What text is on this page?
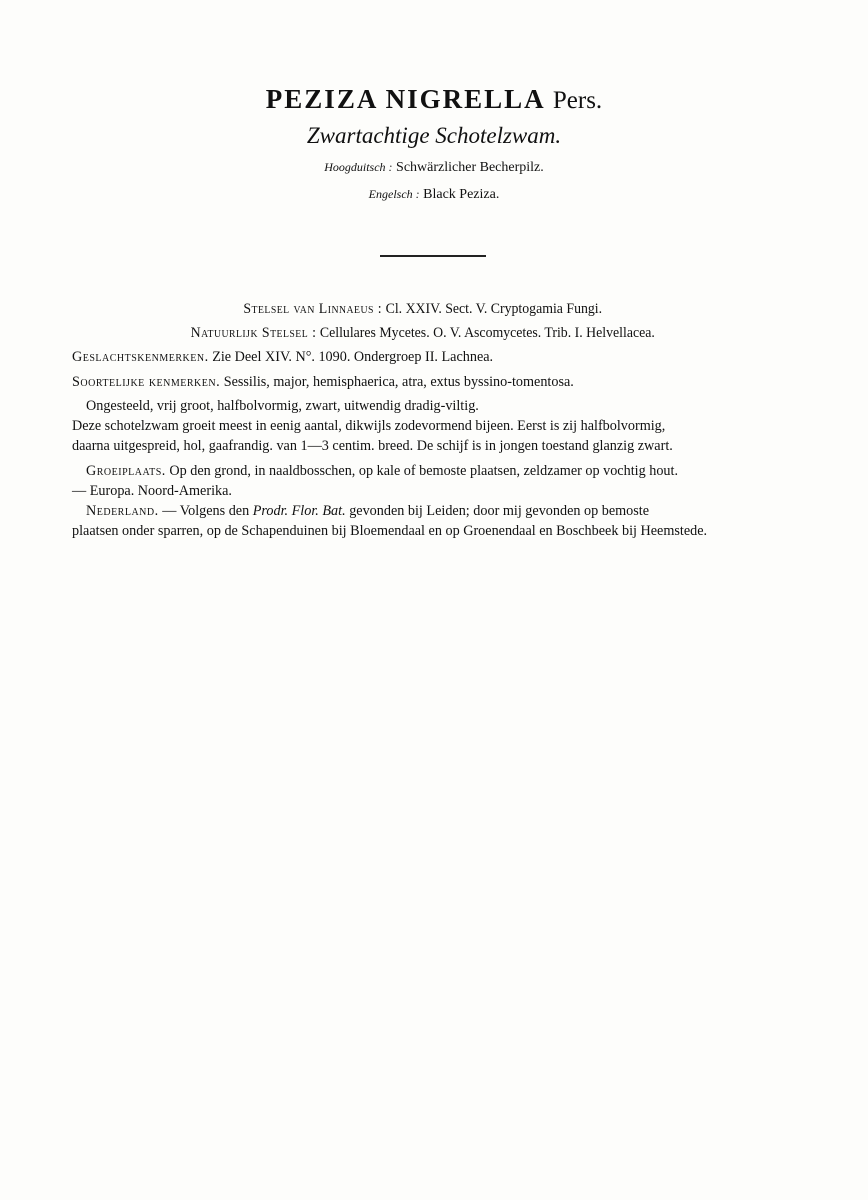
PEZIZA NIGRELLA Pers.
Zwartachtige Schotelzwam.
Hoogduitsch : Schwärzlicher Becherpilz.
Engelsch : Black Peziza.
Stelsel van Linnaeus : Cl. XXIV. Sect. V. Cryptogamia Fungi.
Natuurlijk Stelsel : Cellulares Mycetes. O. V. Ascomycetes. Trib. I. Helvellacea.
Geslachtskenmerken. Zie Deel XIV. N°. 1090. Ondergroep II. Lachnea.
Soortelijke kenmerken. Sessilis, major, hemisphaerica, atra, extus byssino-tomentosa.
Ongesteeld, vrij groot, halfbolvormig, zwart, uitwendig dradig-viltig.
Deze schotelzwam groeit meest in eenig aantal, dikwijls zodevormend bijeen. Eerst is zij halfbolvormig,
daarna uitgespreid, hol, gaafrandig. van 1—3 centim. breed. De schijf is in jongen toestand glanzig zwart.
Groeiplaats. Op den grond, in naaldbosschen, op kale of bemoste plaatsen, zeldzamer op vochtig hout.
— Europa. Noord-Amerika.
Nederland. — Volgens den Prodr. Flor. Bat. gevonden bij Leiden; door mij gevonden op bemoste
plaatsen onder sparren, op de Schapenduinen bij Bloemendaal en op Groenendaal en Boschbeek bij Heemstede.
